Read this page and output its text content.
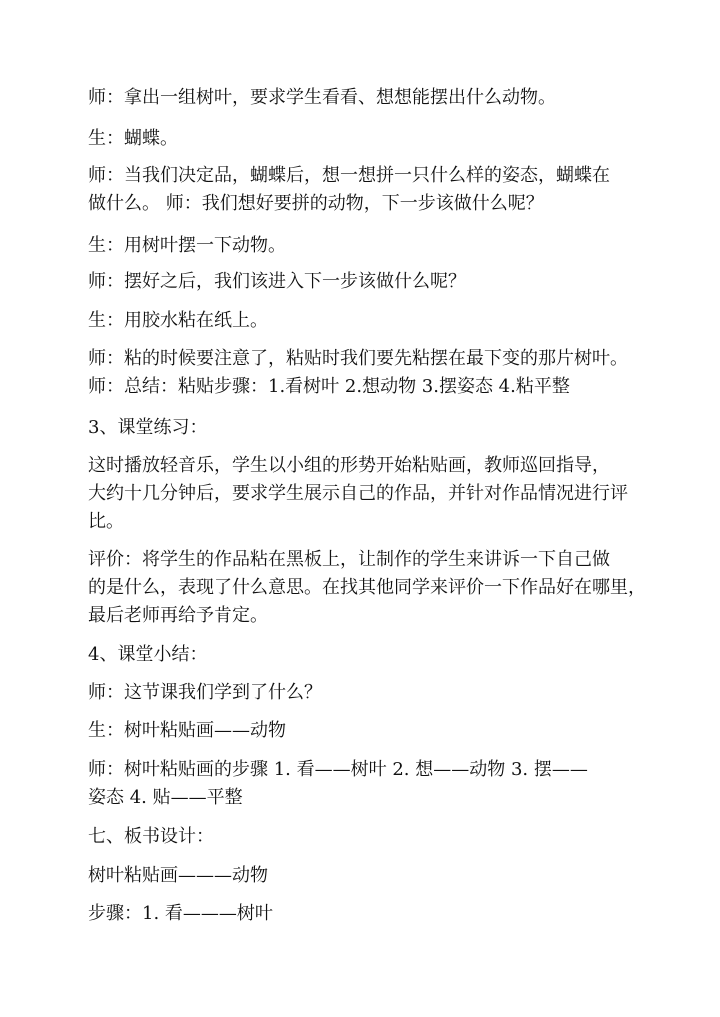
师：拿出一组树叶，要求学生看看、想想能摆出什么动物。

生：蝴蝶。

师：当我们决定品，蝴蝶后，想一想拼一只什么样的姿态，蝴蝶在
做什么。 师：我们想好要拼的动物，下一步该做什么呢？

生：用树叶摆一下动物。

师：摆好之后，我们该进入下一步该做什么呢？

生：用胶水粘在纸上。

师：粘的时候要注意了，粘贴时我们要先粘摆在最下变的那片树叶。
师：总结：粘贴步骤：1.看树叶 2.想动物 3.摆姿态 4.粘平整

3、课堂练习：

这时播放轻音乐，学生以小组的形势开始粘贴画，教师巡回指导，
大约十几分钟后，要求学生展示自己的作品，并针对作品情况进行评
比。

评价：将学生的作品粘在黑板上，让制作的学生来讲诉一下自己做
的是什么，表现了什么意思。在找其他同学来评价一下作品好在哪里，
最后老师再给予肯定。

4、课堂小结：

师：这节课我们学到了什么？

生：树叶粘贴画——动物

师：树叶粘贴画的步骤 1. 看——树叶 2. 想——动物 3. 摆——
姿态 4. 贴——平整

七、板书设计：

树叶粘贴画———动物

步骤：1. 看———树叶
